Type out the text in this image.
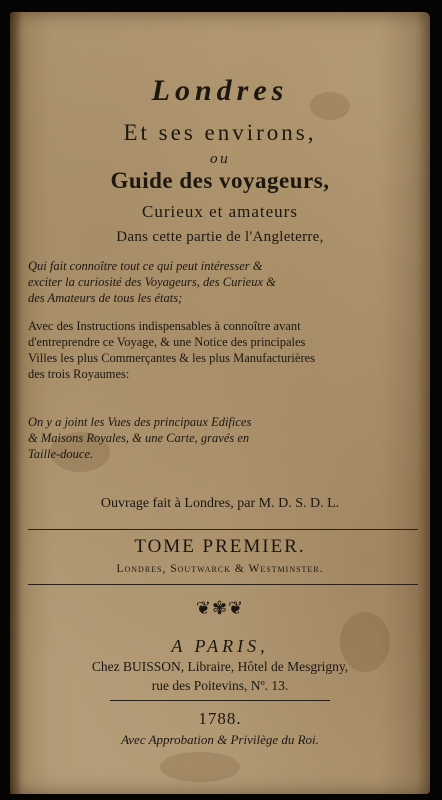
Londres
Et ses environs,
ou
Guide des voyageurs,
Curieux et amateurs
Dans cette partie de l'Angleterre,
Qui fait connoître tout ce qui peut intéresser &
exciter la curiosité des Voyageurs, des Curieux &
des Amateurs de tous les états;
Avec des Instructions indispensables à connoître avant
d'entreprendre ce Voyage, & une Notice des principales
Villes les plus Commerçantes & les plus Manufacturières
des trois Royaumes:
On y a joint les Vues des principaux Edifices
& Maisons Royales, & une Carte, gravés en
Taille-douce.
Ouvrage fait à Londres, par M. D. S. D. L.
TOME PREMIER.
Londres, Soutwarck & Westminster.
❦✾❦
A PARIS,
Chez BUISSON, Libraire, Hôtel de Mesgrigny,
rue des Poitevins, Nº. 13.
1788.
Avec Approbation & Privilège du Roi.
